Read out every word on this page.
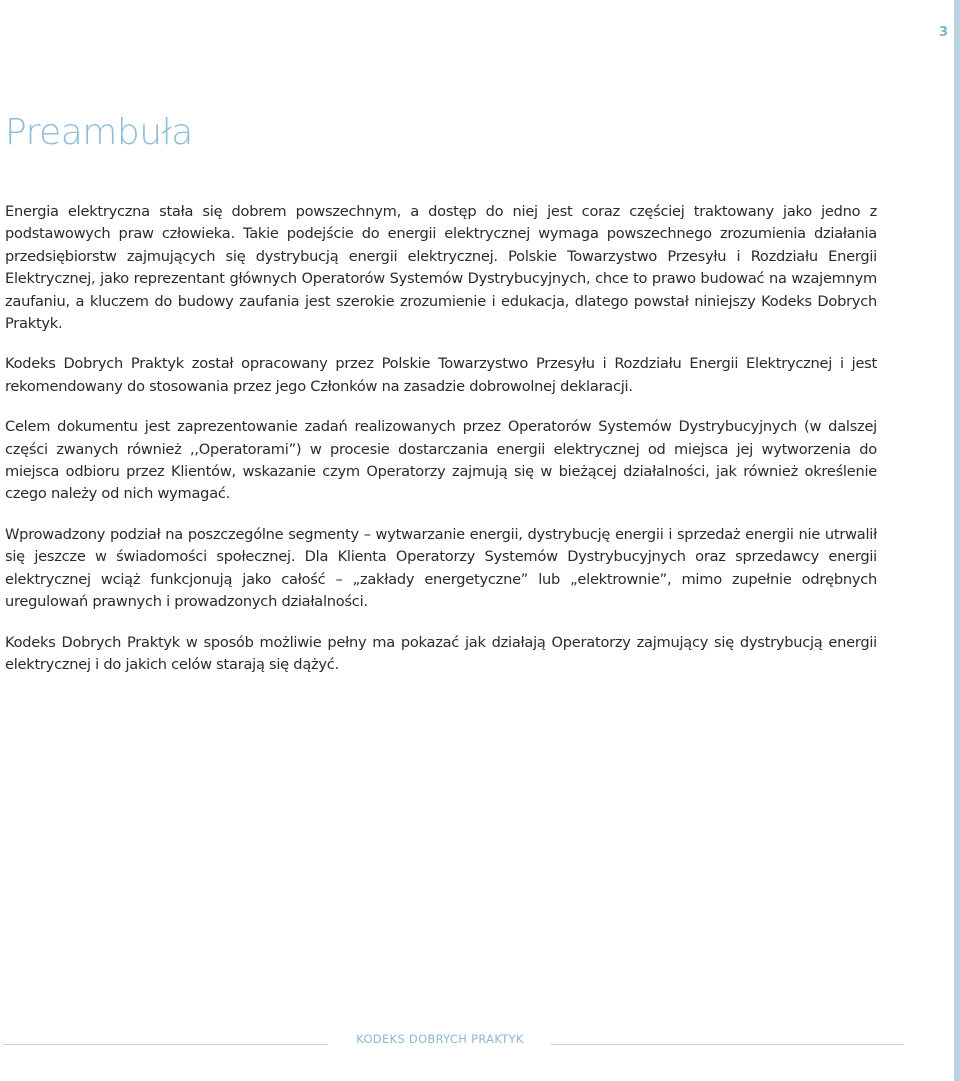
3
Preambuła

Energia elektryczna stała się dobrem powszechnym, a dostęp do niej jest coraz częściej traktowany jako jedno z podstawowych praw człowieka. Takie podejście do energii elektrycznej wymaga powszechnego zrozumienia działania przedsiębiorstw zajmujących się dystrybucją energii elektrycznej. Polskie Towarzystwo Przesyłu i Rozdziału Energii Elektrycznej, jako reprezentant głównych Operatorów Systemów Dystrybucyjnych, chce to prawo budować na wzajemnym zaufaniu, a kluczem do budowy zaufania jest szerokie zrozumienie i edukacja, dlatego powstał niniejszy Kodeks Dobrych Praktyk.

Kodeks Dobrych Praktyk został opracowany przez Polskie Towarzystwo Przesyłu i Rozdziału Energii Elektrycznej i jest rekomendowany do stosowania przez jego Członków na zasadzie dobrowolnej deklaracji.

Celem dokumentu jest zaprezentowanie zadań realizowanych przez Operatorów Systemów Dystrybucyjnych (w dalszej części zwanych również ,,Operatorami”) w procesie dostarczania energii elektrycznej od miejsca jej wytworzenia do miejsca odbioru przez Klientów, wskazanie czym Operatorzy zajmują się w bieżącej działalności, jak również określenie czego należy od nich wymagać.

Wprowadzony podział na poszczególne segmenty – wytwarzanie energii, dystrybucję energii i sprzedaż energii nie utrwalił się jeszcze w świadomości społecznej. Dla Klienta Operatorzy Systemów Dystrybucyjnych oraz sprzedawcy energii elektrycznej wciąż funkcjonują jako całość – „zakłady energetyczne” lub „elektrownie”, mimo zupełnie odrębnych uregulowań prawnych i prowadzonych działalności.

Kodeks Dobrych Praktyk w sposób możliwie pełny ma pokazać jak działają Operatorzy zajmujący się dystrybucją energii elektrycznej i do jakich celów starają się dążyć.

KODEKS DOBRYCH PRAKTYK
